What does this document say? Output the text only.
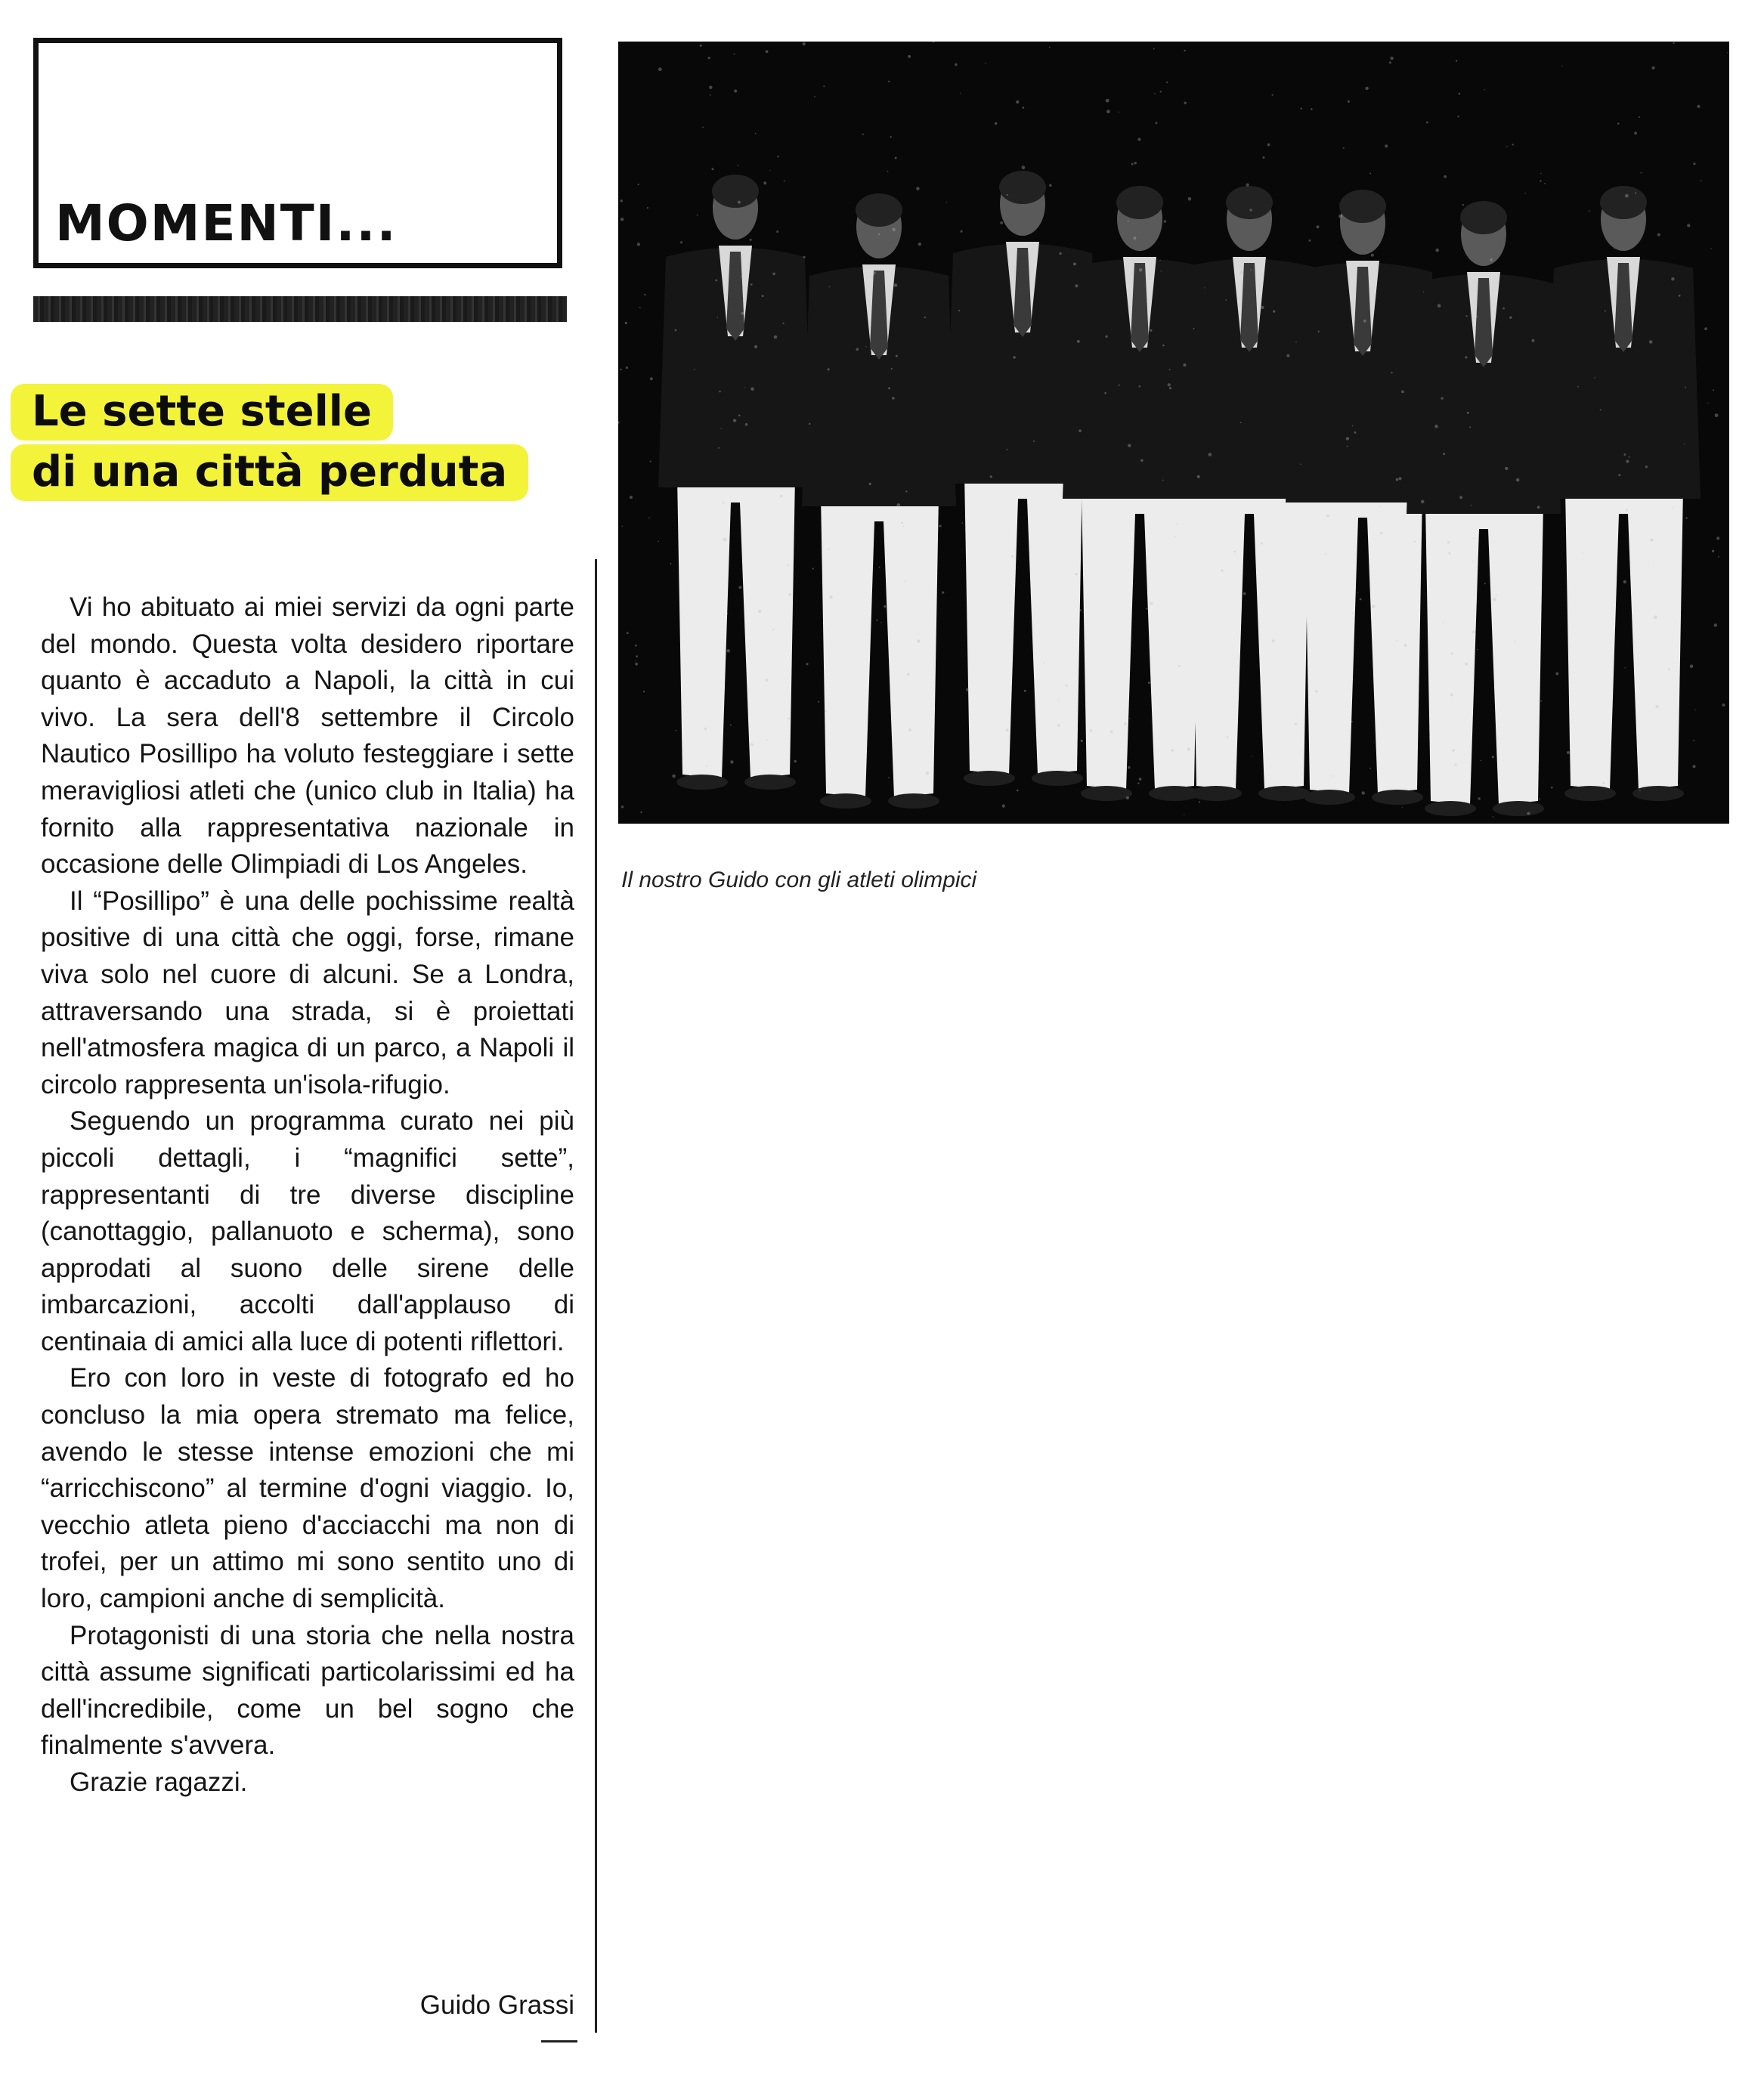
MOMENTI...
Le sette stelle
di una città perduta

Vi ho abituato ai miei servizi da ogni parte del mondo. Questa volta desidero riportare quanto è accaduto a Napoli, la città in cui vivo. La sera dell'8 settembre il Circolo Nautico Posillipo ha voluto festeggiare i sette meravigliosi atleti che (unico club in Italia) ha fornito alla rappresentativa nazionale in occasione delle Olimpiadi di Los Angeles.

Il “Posillipo” è una delle pochissime realtà positive di una città che oggi, forse, rimane viva solo nel cuore di alcuni. Se a Londra, attraversando una strada, si è proiettati nell'atmosfera magica di un parco, a Napoli il circolo rappresenta un'isola-rifugio.

Seguendo un programma curato nei più piccoli dettagli, i “magnifici sette”, rappresentanti di tre diverse discipline (canottaggio, pallanuoto e scherma), sono approdati al suono delle sirene delle imbarcazioni, accolti dall'applauso di centinaia di amici alla luce di potenti riflettori.

Ero con loro in veste di fotografo ed ho concluso la mia opera stremato ma felice, avendo le stesse intense emozioni che mi “arricchiscono” al termine d'ogni viaggio. Io, vecchio atleta pieno d'acciacchi ma non di trofei, per un attimo mi sono sentito uno di loro, campioni anche di semplicità.

Protagonisti di una storia che nella nostra città assume significati particolarissimi ed ha dell'incredibile, come un bel sogno che finalmente s'avvera.

Grazie ragazzi.

Guido Grassi
Il nostro Guido con gli atleti olimpici
